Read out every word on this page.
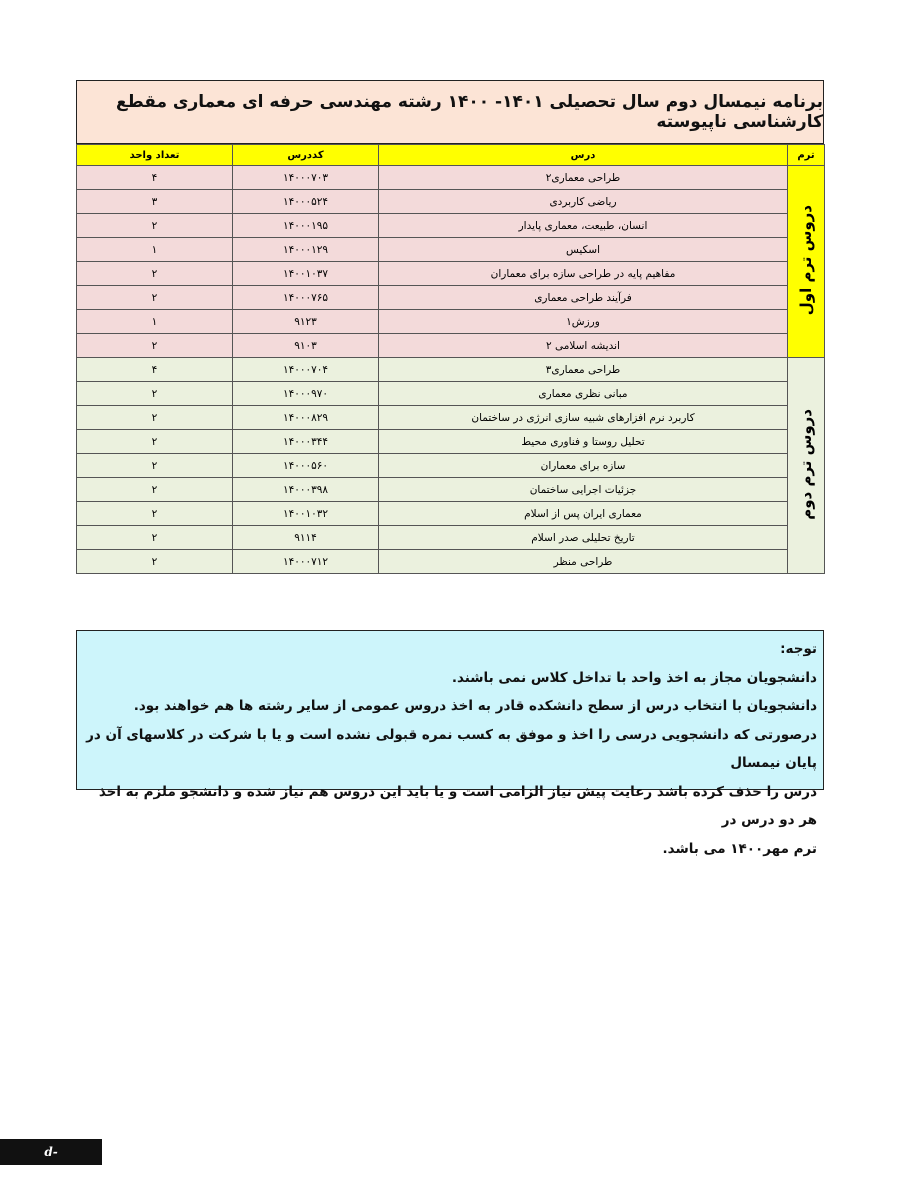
برنامه نیمسال دوم سال تحصیلی ۱۴۰۱- ۱۴۰۰ رشته مهندسی حرفه ای معماری مقطع کارشناسی ناپیوسته
تعداد واحد	کددرس	درس	ترم
۴	۱۴۰۰۰۷۰۳	طراحی معماری۲	دروس ترم اول
۳	۱۴۰۰۰۵۲۴	ریاضی کاربردی	
۲	۱۴۰۰۰۱۹۵	انسان، طبیعت، معماری پایدار	
۱	۱۴۰۰۰۱۲۹	اسکیس	
۲	۱۴۰۰۱۰۳۷	مفاهیم پایه در طراحی سازه برای معماران	
۲	۱۴۰۰۰۷۶۵	فرآیند طراحی معماری	
۱	۹۱۲۳	ورزش۱	
۲	۹۱۰۳	اندیشه اسلامی ۲	
۴	۱۴۰۰۰۷۰۴	طراحی معماری۳	دروس ترم دوم
۲	۱۴۰۰۰۹۷۰	مبانی نظری معماری	
۲	۱۴۰۰۰۸۲۹	کاربرد نرم افزارهای شبیه سازی انرژی در ساختمان	
۲	۱۴۰۰۰۳۴۴	تحلیل روستا و فناوری محیط	
۲	۱۴۰۰۰۵۶۰	سازه برای معماران	
۲	۱۴۰۰۰۳۹۸	جزئیات اجرایی ساختمان	
۲	۱۴۰۰۱۰۳۲	معماری ایران پس از اسلام	
۲	۹۱۱۴	تاریخ تحلیلی صدر اسلام	
۲	۱۴۰۰۰۷۱۲	طراحی منظر	
توجه:
دانشجویان مجاز به اخذ واحد با تداخل کلاس نمی باشند.
دانشجویان با انتخاب درس از سطح دانشکده قادر به اخذ دروس عمومی از سایر رشته ها هم خواهند بود.
درصورتی که دانشجویی درسی را اخذ و موفق به کسب نمره قبولی نشده است و یا با شرکت در کلاسهای آن در پایان نیمسال
درس را حذف کرده باشد رعایت پیش نیاز الزامی است و یا باید این دروس هم نیاز شده و دانشجو ملزم به اخذ هر دو درس در
ترم مهر۱۴۰۰ می باشد.
d-babol.nus.ac.ir
